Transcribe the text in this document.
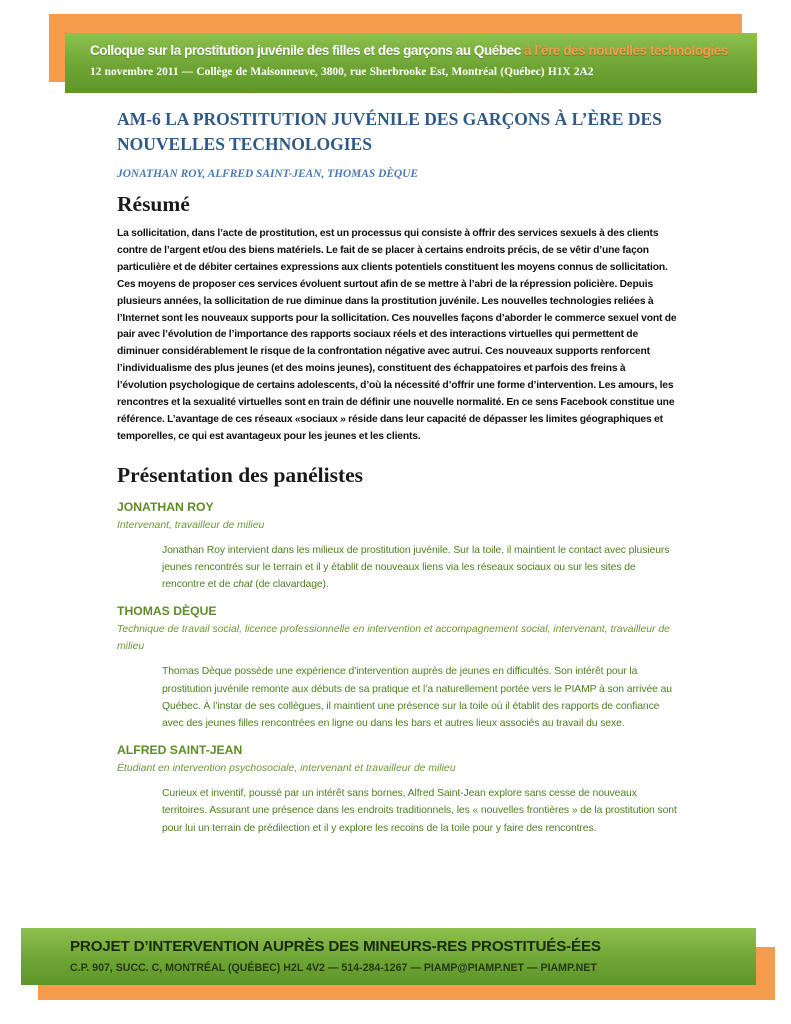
Colloque sur la prostitution juvénile des filles et des garçons au Québec à l’ère des nouvelles technologies
12 novembre 2011 — Collège de Maisonneuve, 3800, rue Sherbrooke Est, Montréal (Québec) H1X 2A2
AM-6 LA PROSTITUTION JUVÉNILE DES GARÇONS À L’ÈRE DES NOUVELLES TECHNOLOGIES
JONATHAN ROY, ALFRED SAINT-JEAN, THOMAS DÈQUE
Résumé
La sollicitation, dans l’acte de prostitution, est un processus qui consiste à offrir des services sexuels à des clients contre de l’argent et/ou des biens matériels. Le fait de se placer à certains endroits précis, de se vêtir d’une façon particulière et de débiter certaines expressions aux clients potentiels constituent les moyens connus de sollicitation. Ces moyens de proposer ces services évoluent surtout afin de se mettre à l’abri de la répression policière. Depuis plusieurs années, la sollicitation de rue diminue dans la prostitution juvénile. Les nouvelles technologies reliées à l’Internet sont les nouveaux supports pour la sollicitation. Ces nouvelles façons d’aborder le commerce sexuel vont de pair avec l’évolution de l’importance des rapports sociaux réels et des interactions virtuelles qui permettent de diminuer considérablement le risque de la confrontation négative avec autrui. Ces nouveaux supports renforcent l’individualisme des plus jeunes (et des moins jeunes), constituent des échappatoires et parfois des freins à l’évolution psychologique de certains adolescents, d’où la nécessité d’offrir une forme d’intervention. Les amours, les rencontres et la sexualité virtuelles sont en train de définir une nouvelle normalité. En ce sens Facebook constitue une référence. L’avantage de ces réseaux «sociaux » réside dans leur capacité de dépasser les limites géographiques et temporelles, ce qui est avantageux pour les jeunes et les clients.
Présentation des panélistes
JONATHAN ROY
Intervenant, travailleur de milieu
Jonathan Roy intervient dans les milieux de prostitution juvénile. Sur la toile, il maintient le contact avec plusieurs jeunes rencontrés sur le terrain et il y établit de nouveaux liens via les réseaux sociaux ou sur les sites de rencontre et de chat (de clavardage).
THOMAS DÈQUE
Technique de travail social, licence professionnelle en intervention et accompagnement social, intervenant, travailleur de milieu
Thomas Dèque possède une expérience d’intervention auprès de jeunes en difficultés. Son intérêt pour la prostitution juvénile remonte aux débuts de sa pratique et l’a naturellement portée vers le PIAMP à son arrivée au Québec. À l’instar de ses collègues, il maintient une présence sur la toile où il établit des rapports de confiance avec des jeunes filles rencontrées en ligne ou dans les bars et autres lieux associés au travail du sexe.
ALFRED SAINT-JEAN
Étudiant en intervention psychosociale, intervenant et travailleur de milieu
Curieux et inventif, poussé par un intérêt sans bornes, Alfred Saint-Jean explore sans cesse de nouveaux territoires. Assurant une présence dans les endroits traditionnels, les « nouvelles frontières » de la prostitution sont pour lui un terrain de prédilection et il y explore les recoins de la toile pour y faire des rencontres.
PROJET D’INTERVENTION AUPRÈS DES MINEURS-RES PROSTITUÉS-ÉES
C.P. 907, SUCC. C, MONTRÉAL (QUÉBEC) H2L 4V2 — 514-284-1267 — PIAMP@PIAMP.NET — PIAMP.NET
